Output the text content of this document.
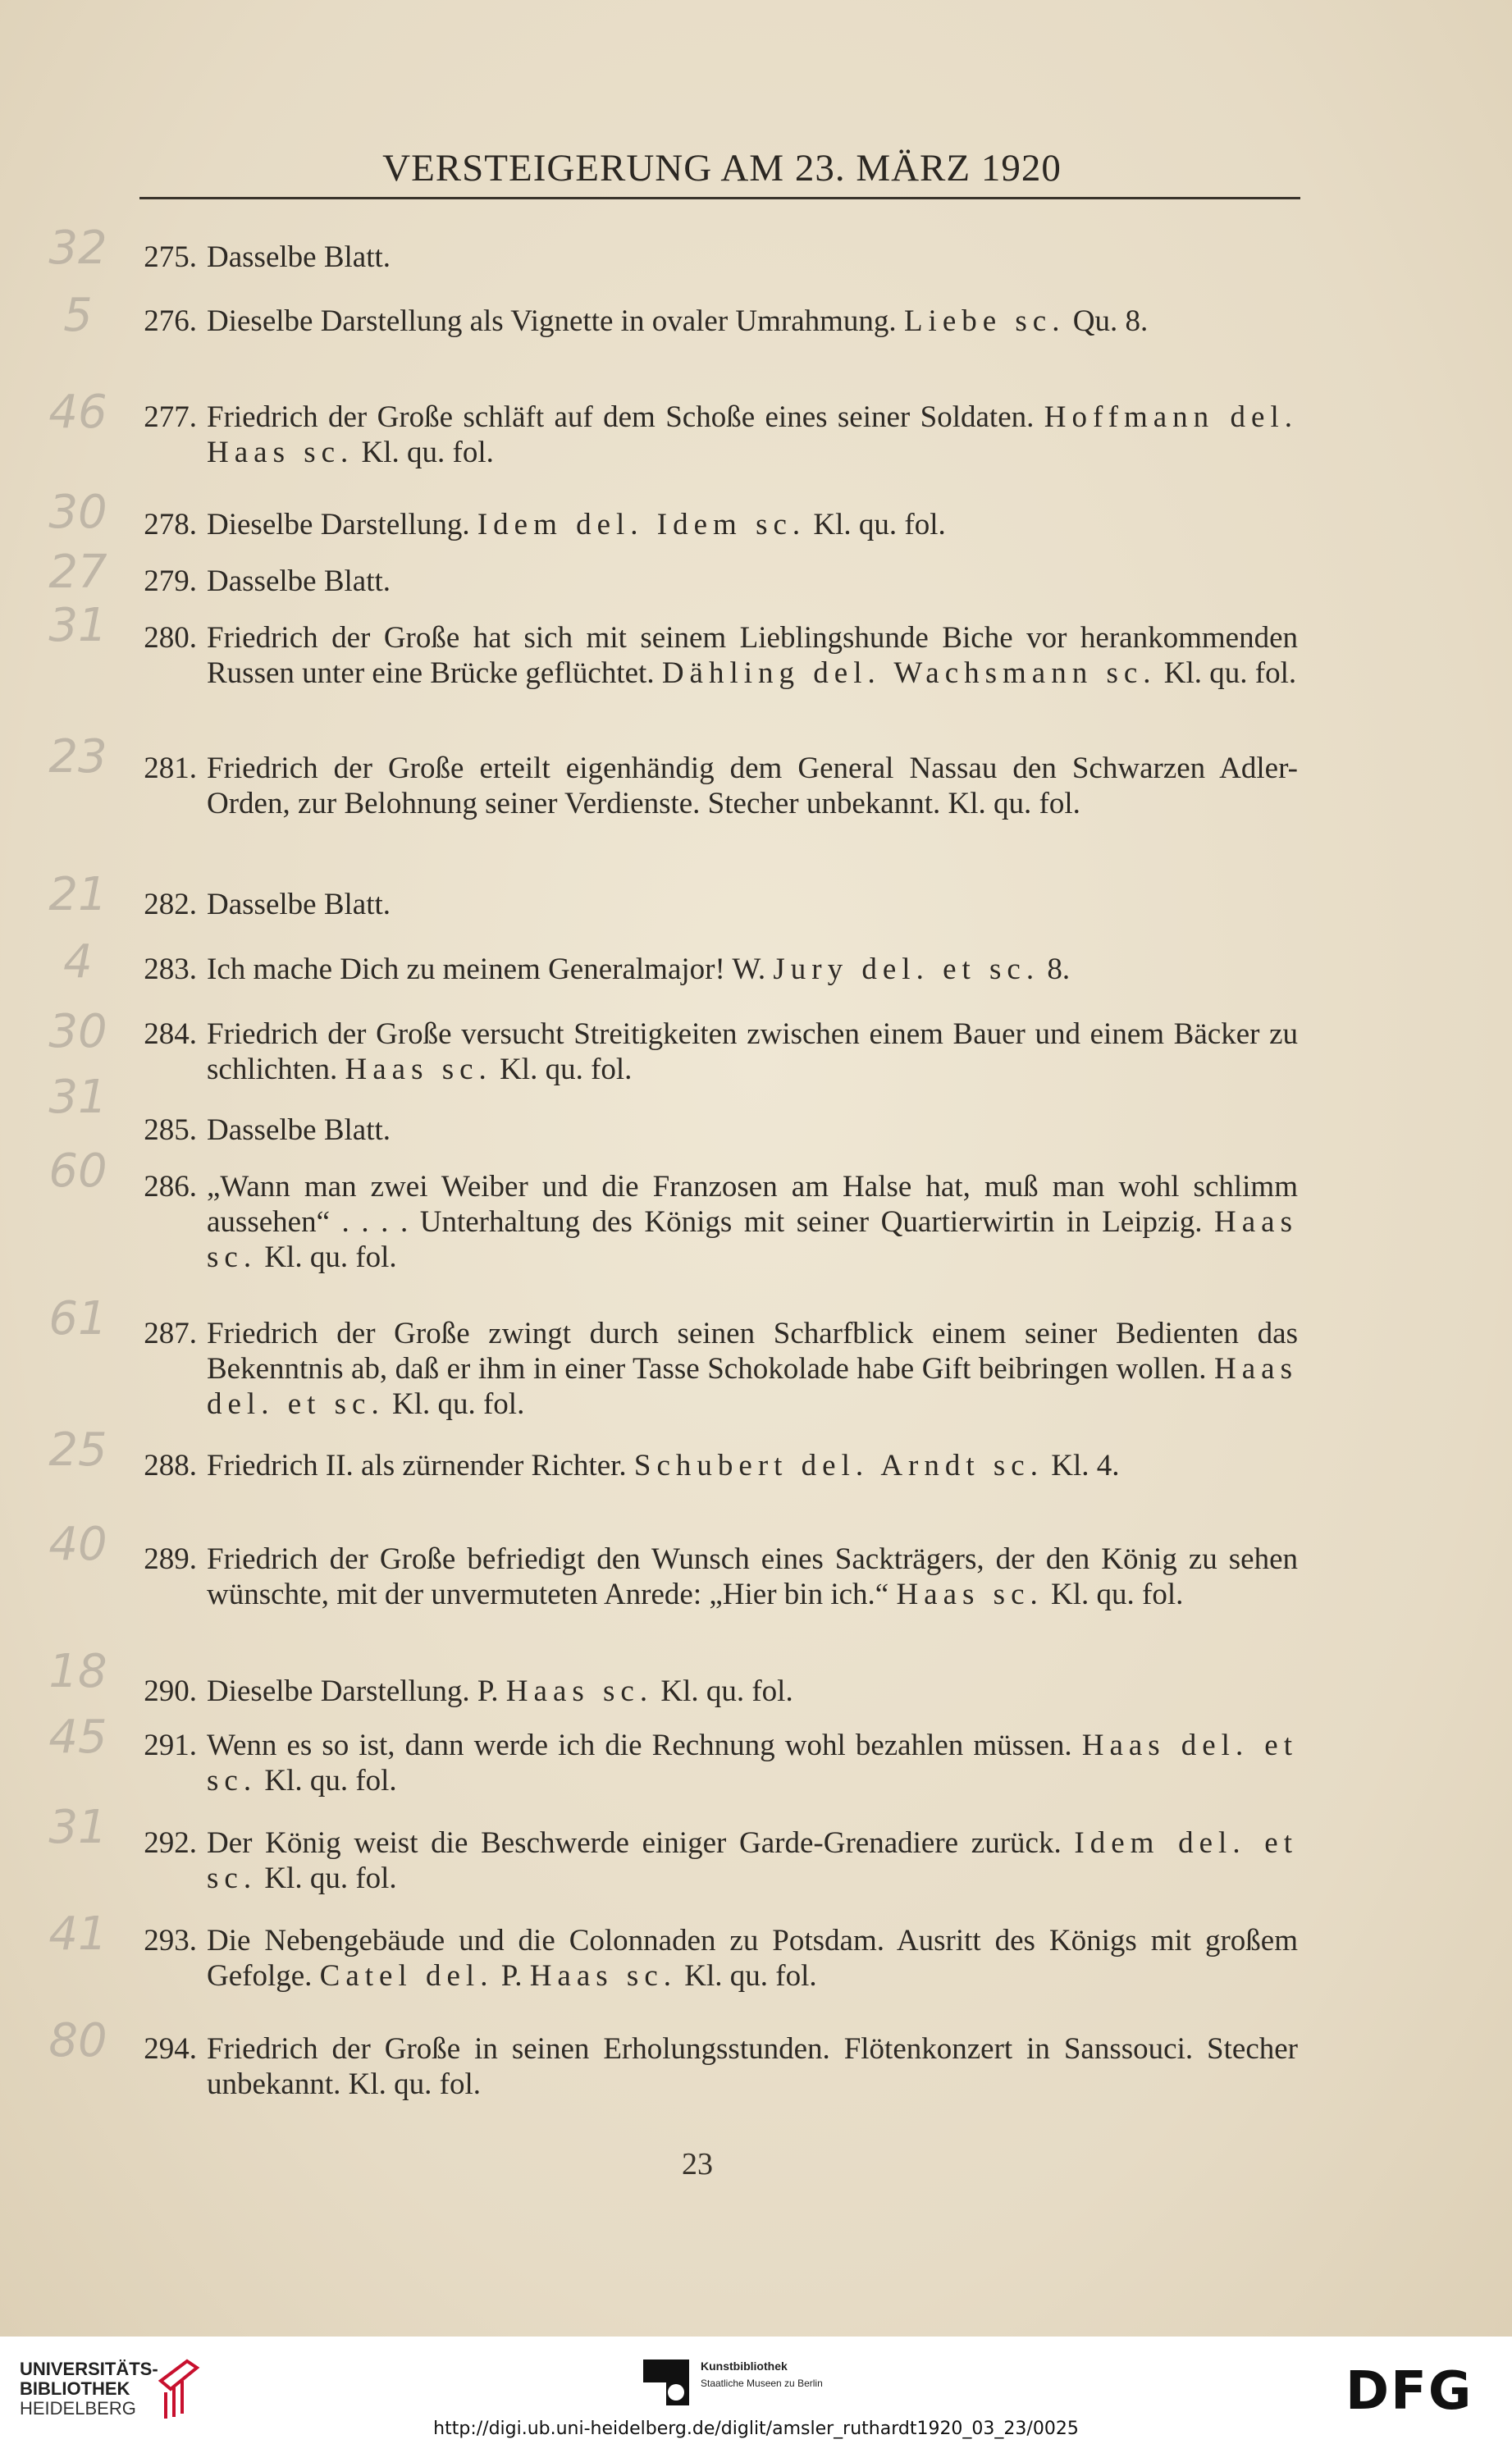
VERSTEIGERUNG AM 23. MÄRZ 1920
275. Dasselbe Blatt.
276. Dieselbe Darstellung als Vignette in ovaler Umrahmung. Liebe sc. Qu. 8.
277. Friedrich der Große schläft auf dem Schoße eines seiner Soldaten. Hoffmann del. Haas sc. Kl. qu. fol.
278. Dieselbe Darstellung. Idem del. Idem sc. Kl. qu. fol.
279. Dasselbe Blatt.
280. Friedrich der Große hat sich mit seinem Lieblingshunde Biche vor herankommenden Russen unter eine Brücke geflüchtet. Dähling del. Wachsmann sc. Kl. qu. fol.
281. Friedrich der Große erteilt eigenhändig dem General Nassau den Schwarzen Adler-Orden, zur Belohnung seiner Verdienste. Stecher unbekannt. Kl. qu. fol.
282. Dasselbe Blatt.
283. Ich mache Dich zu meinem Generalmajor! W. Jury del. et sc. 8.
284. Friedrich der Große versucht Streitigkeiten zwischen einem Bauer und einem Bäcker zu schlichten. Haas sc. Kl. qu. fol.
285. Dasselbe Blatt.
286. „Wann man zwei Weiber und die Franzosen am Halse hat, muß man wohl schlimm aussehen“ . . . . Unterhaltung des Königs mit seiner Quartierwirtin in Leipzig. Haas sc. Kl. qu. fol.
287. Friedrich der Große zwingt durch seinen Scharfblick einem seiner Bedienten das Bekenntnis ab, daß er ihm in einer Tasse Schokolade habe Gift beibringen wollen. Haas del. et sc. Kl. qu. fol.
288. Friedrich II. als zürnender Richter. Schubert del. Arndt sc. Kl. 4.
289. Friedrich der Große befriedigt den Wunsch eines Sackträgers, der den König zu sehen wünschte, mit der unvermuteten Anrede: „Hier bin ich.“ Haas sc. Kl. qu. fol.
290. Dieselbe Darstellung. P. Haas sc. Kl. qu. fol.
291. Wenn es so ist, dann werde ich die Rechnung wohl bezahlen müssen. Haas del. et sc. Kl. qu. fol.
292. Der König weist die Beschwerde einiger Garde-Grenadiere zurück. Idem del. et sc. Kl. qu. fol.
293. Die Nebengebäude und die Colonnaden zu Potsdam. Ausritt des Königs mit großem Gefolge. Catel del. P. Haas sc. Kl. qu. fol.
294. Friedrich der Große in seinen Erholungsstunden. Flötenkonzert in Sanssouci. Stecher unbekannt. Kl. qu. fol.
32
5
46
30
27
31
23
21
4
30
31
60
61
25
40
18
45
31
41
80
23
UNIVERSITÄTS-
BIBLIOTHEK
HEIDELBERG
Kunstbibliothek
Staatliche Museen zu Berlin	DFG
http://digi.ub.uni-heidelberg.de/diglit/amsler_ruthardt1920_03_23/0025
